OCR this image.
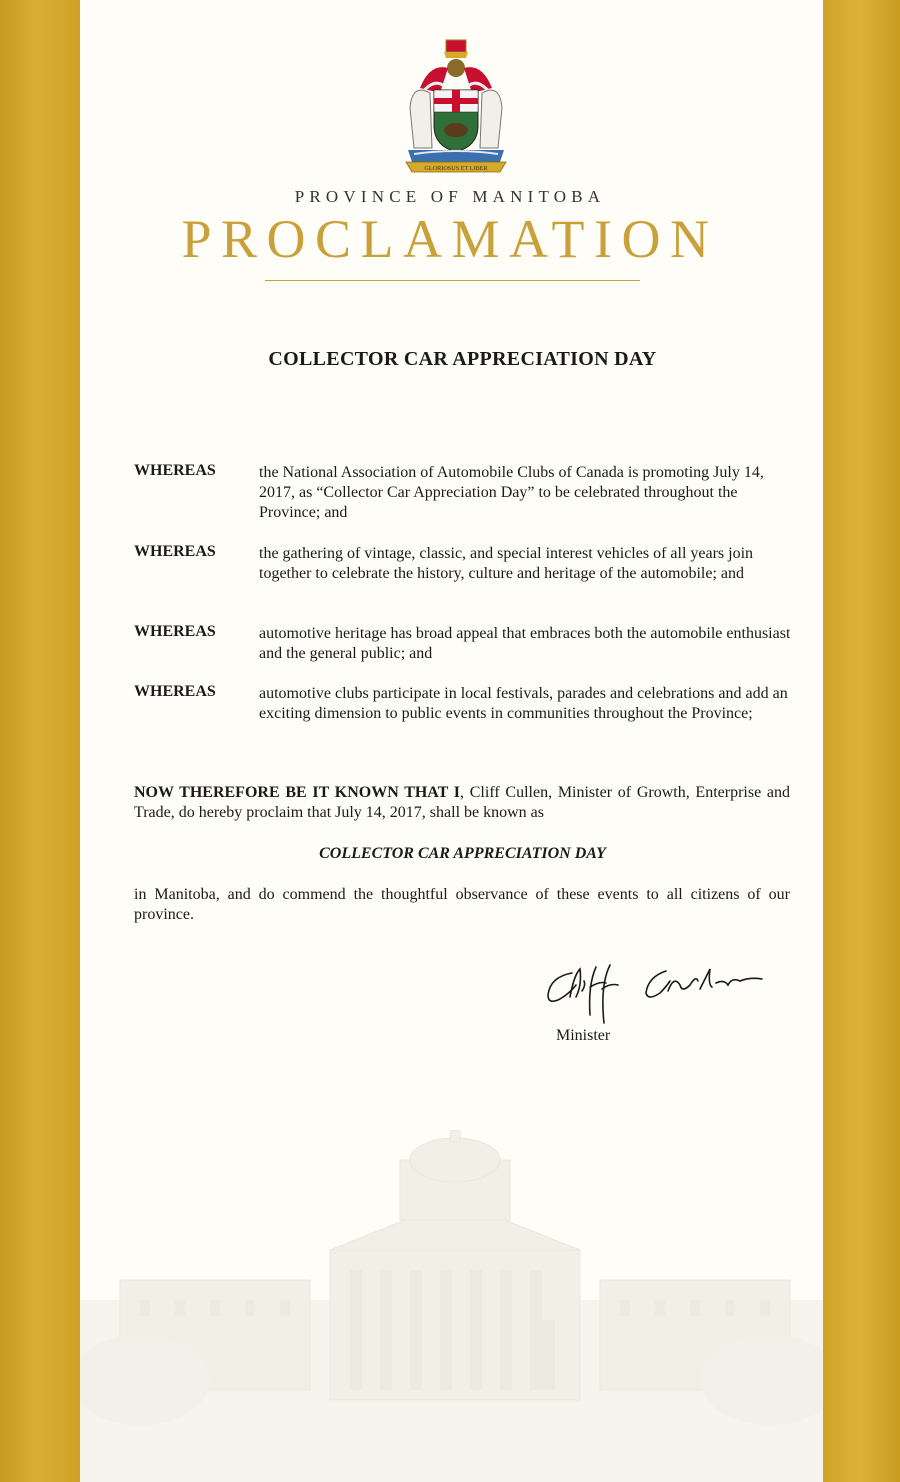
GLORIOSUS ET LIBER
PROVINCE OF MANITOBA
PROCLAMATION
COLLECTOR CAR APPRECIATION DAY
WHEREAS	the National Association of Automobile Clubs of Canada is promoting July 14, 2017, as “Collector Car Appreciation Day” to be celebrated throughout the Province; and
WHEREAS	the gathering of vintage, classic, and special interest vehicles of all years join together to celebrate the history, culture and heritage of the automobile; and
WHEREAS	automotive heritage has broad appeal that embraces both the automobile enthusiast and the general public; and
WHEREAS	automotive clubs participate in local festivals, parades and celebrations and add an exciting dimension to public events in communities throughout the Province;
NOW THEREFORE BE IT KNOWN THAT I, Cliff Cullen, Minister of Growth, Enterprise and Trade, do hereby proclaim that July 14, 2017, shall be known as
COLLECTOR CAR APPRECIATION DAY
in Manitoba, and do commend the thoughtful observance of these events to all citizens of our province.
Minister
